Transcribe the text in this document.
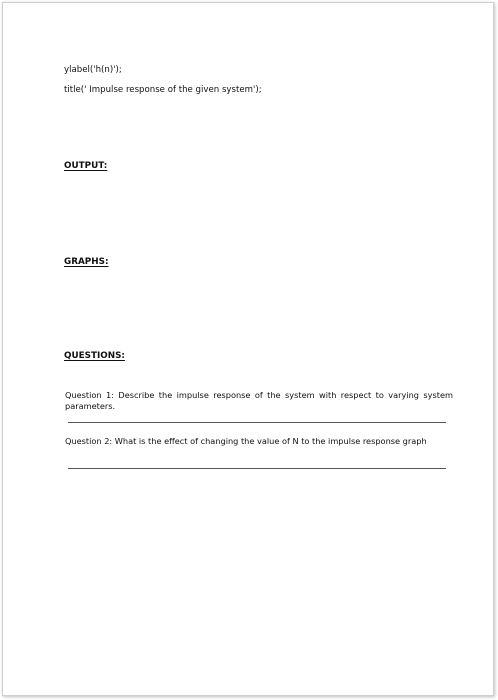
ylabel('h(n)');
title(' Impulse response of the given system');
OUTPUT:
GRAPHS:
QUESTIONS:
Question 1: Describe the impulse response of the system with respect to varying system parameters.
Question 2: What is the effect of changing the value of N to the impulse response graph
